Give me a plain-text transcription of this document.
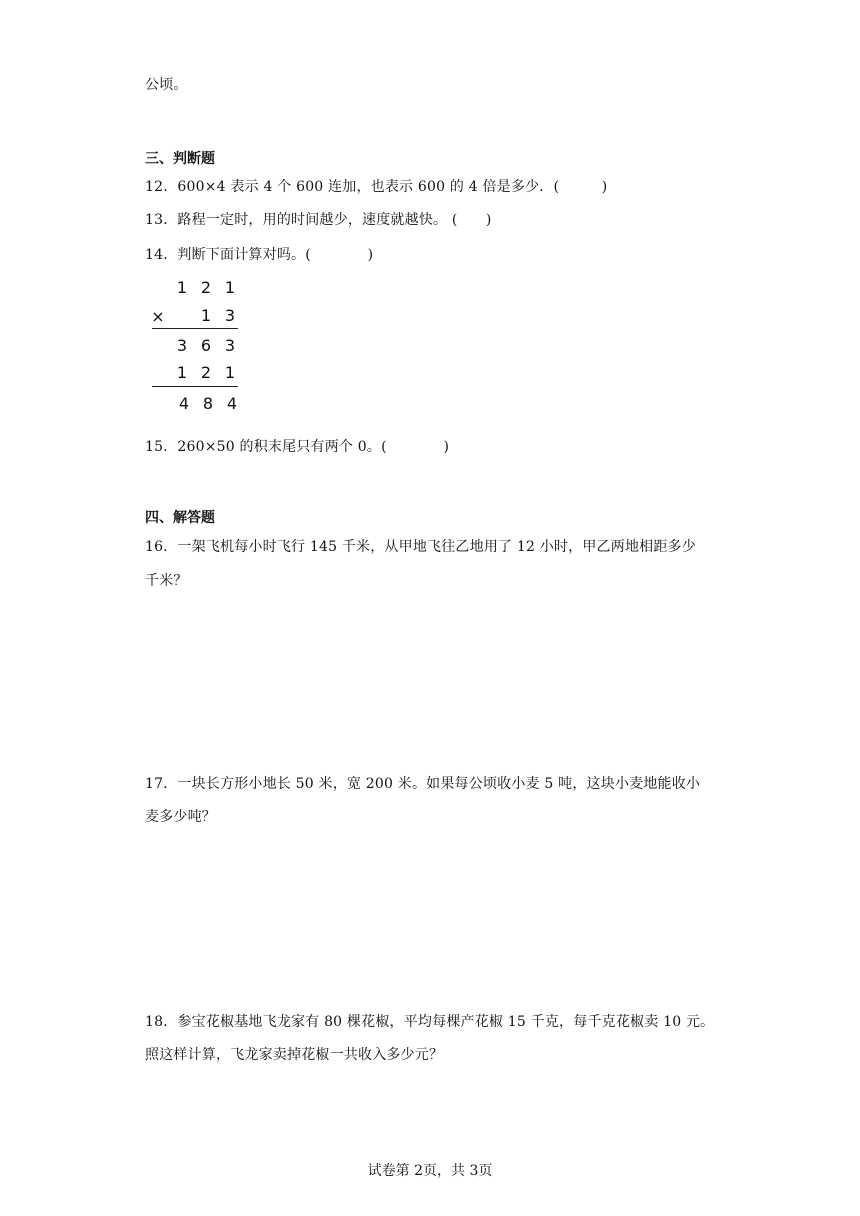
公顷。
三、判断题
12．600×4 表示 4 个 600 连加，也表示 600 的 4 倍是多少．(　　　)
13．路程一定时，用的时间越少，速度就越快。 (　　)
14．判断下面计算对吗。(　　　　)
1 2 1
×	1 3
3 6 3
1 2 1
4 8 4
15．260×50 的积末尾只有两个 0。(　　　　)
四、解答题
16．一架飞机每小时飞行 145 千米，从甲地飞往乙地用了 12 小时，甲乙两地相距多少
千米？
17．一块长方形小地长 50 米，宽 200 米。如果每公顷收小麦 5 吨，这块小麦地能收小
麦多少吨？
18．参宝花椒基地飞龙家有 80 棵花椒，平均每棵产花椒 15 千克，每千克花椒卖 10 元。
照这样计算，飞龙家卖掉花椒一共收入多少元？
试卷第 2页，共 3页
